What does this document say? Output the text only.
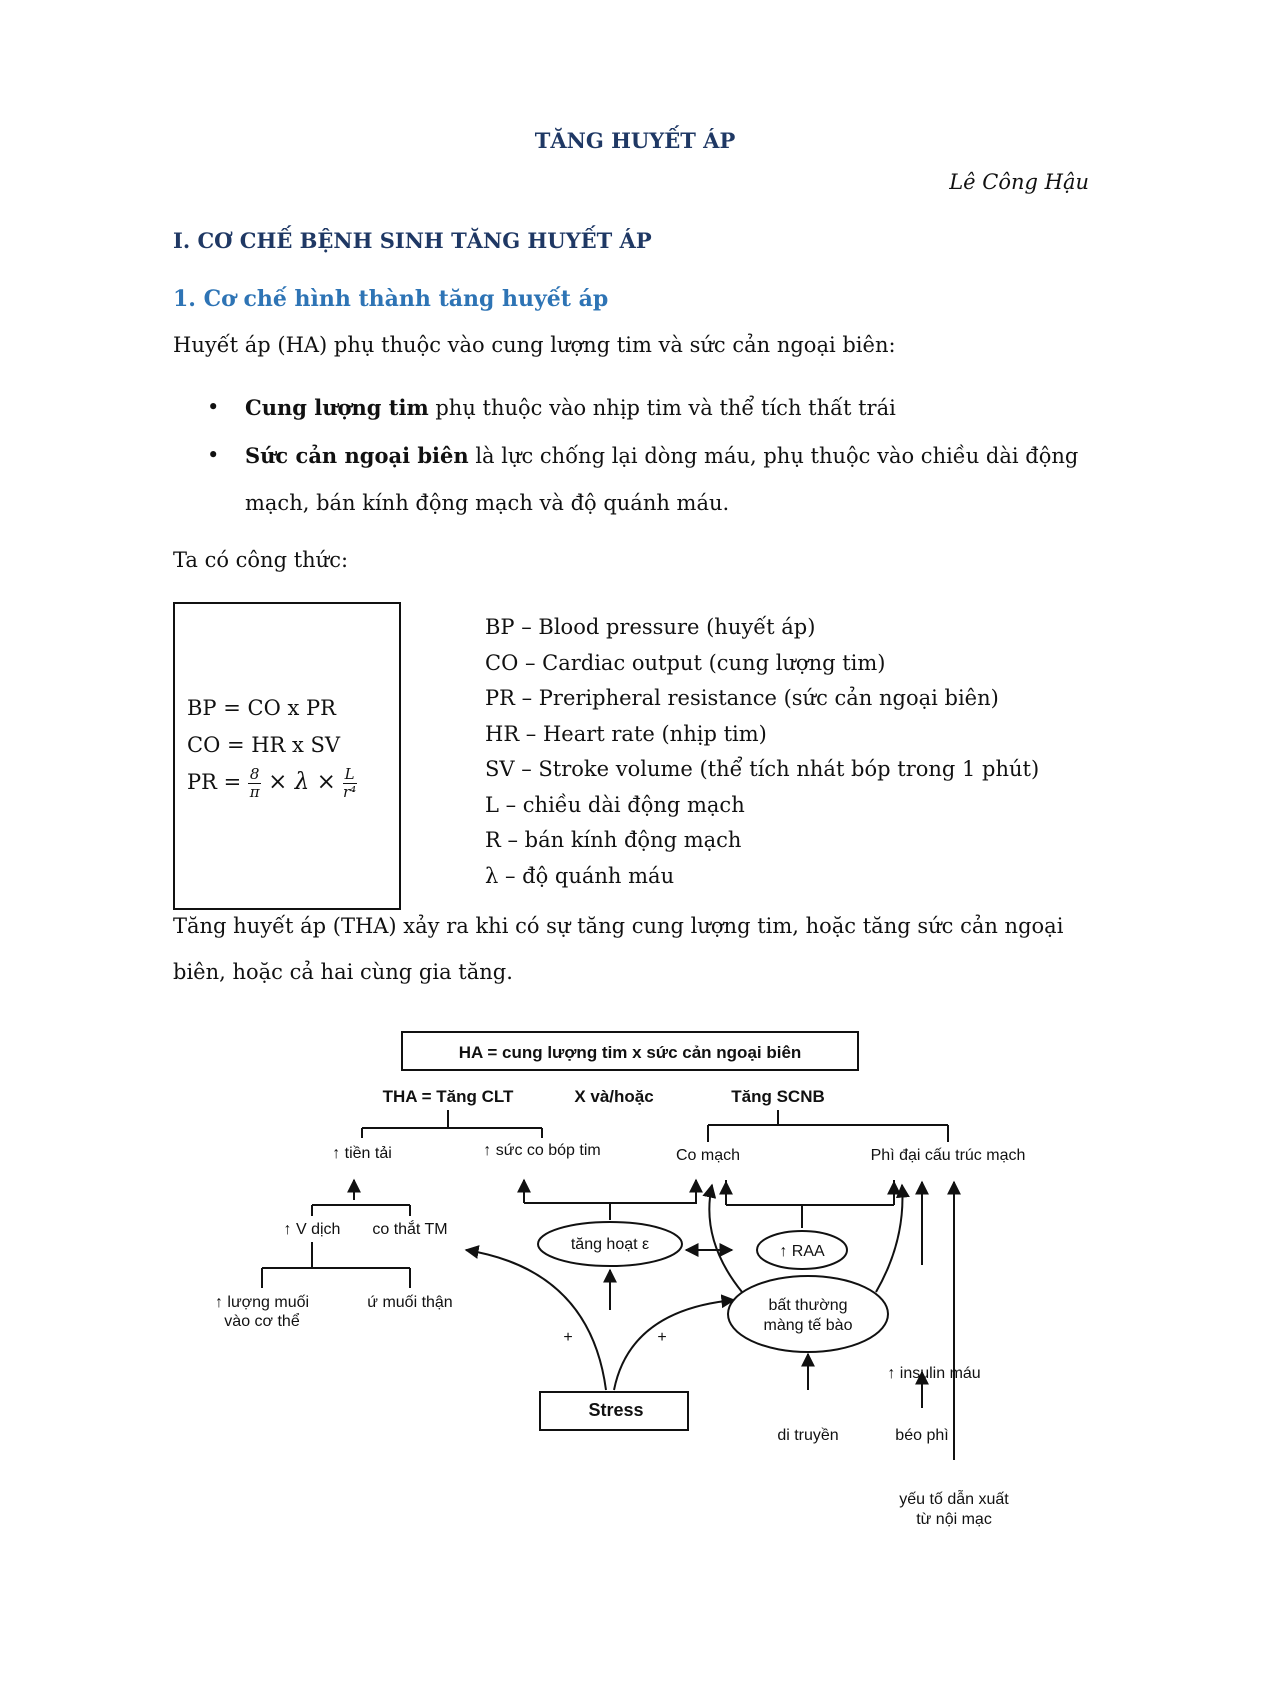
TĂNG HUYẾT ÁP
Lê Công Hậu
I. CƠ CHẾ BỆNH SINH TĂNG HUYẾT ÁP
1. Cơ chế hình thành tăng huyết áp
Huyết áp (HA) phụ thuộc vào cung lượng tim và sức cản ngoại biên:
• Cung lượng tim phụ thuộc vào nhịp tim và thể tích thất trái
• Sức cản ngoại biên là lực chống lại dòng máu, phụ thuộc vào chiều dài động mạch, bán kính động mạch và độ quánh máu.
Ta có công thức:
BP = CO x PR
CO = HR x SV
PR = $\frac{8}{\pi} \times \lambda \times \frac{L}{\text{r⁴}}$
BP – Blood pressure (huyết áp)
CO – Cardiac output (cung lượng tim)
PR – Preripheral resistance (sức cản ngoại biên)
HR – Heart rate (nhịp tim)
SV – Stroke volume (thể tích nhát bóp trong 1 phút)
L – chiều dài động mạch
R – bán kính động mạch
λ – độ quánh máu
Tăng huyết áp (THA) xảy ra khi có sự tăng cung lượng tim, hoặc tăng sức cản ngoại biên, hoặc cả hai cùng gia tăng.
HA = cung lượng tim x sức cản ngoại biên
THA = Tăng CLT	X và/hoặc	Tăng SCNB
Stress
↑ tiền tải	↑ sức co bóp tim	Co mạch	Phì đại cấu trúc mạch
↑ V dịch co thắt TM
↑ lượng muối
vào cơ thể
ứ muối thận
tăng hoạt ε	↑ RAA
bất thường
màng tế bào
↑ insulin máu
+	+
di truyền	béo phì
yếu tố dẫn xuất
từ nội mạc
